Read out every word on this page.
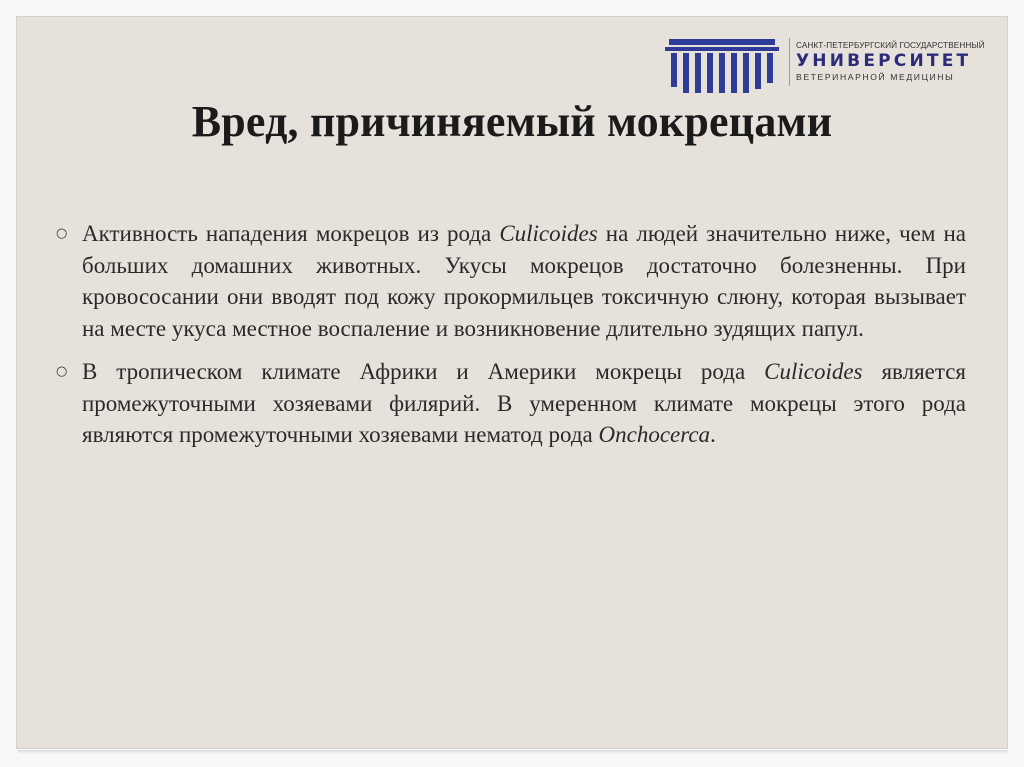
САНКТ-ПЕТЕРБУРГСКИЙ ГОСУДАРСТВЕННЫЙ
УНИВЕРСИТЕТ
ВЕТЕРИНАРНОЙ МЕДИЦИНЫ
Вред, причиняемый мокрецами
○ Активность нападения мокрецов из рода Culicoides на людей значительно ниже, чем на больших домашних животных. Укусы мокрецов достаточно болезненны. При кровососании они вводят под кожу прокормильцев токсичную слюну, которая вызывает на месте укуса местное воспаление и возникновение длительно зудящих папул.
○ В тропическом климате Африки и Америки мокрецы рода Culicoides является промежуточными хозяевами филярий. В умеренном климате мокрецы этого рода являются промежуточными хозяевами нематод рода Onchocerca.
